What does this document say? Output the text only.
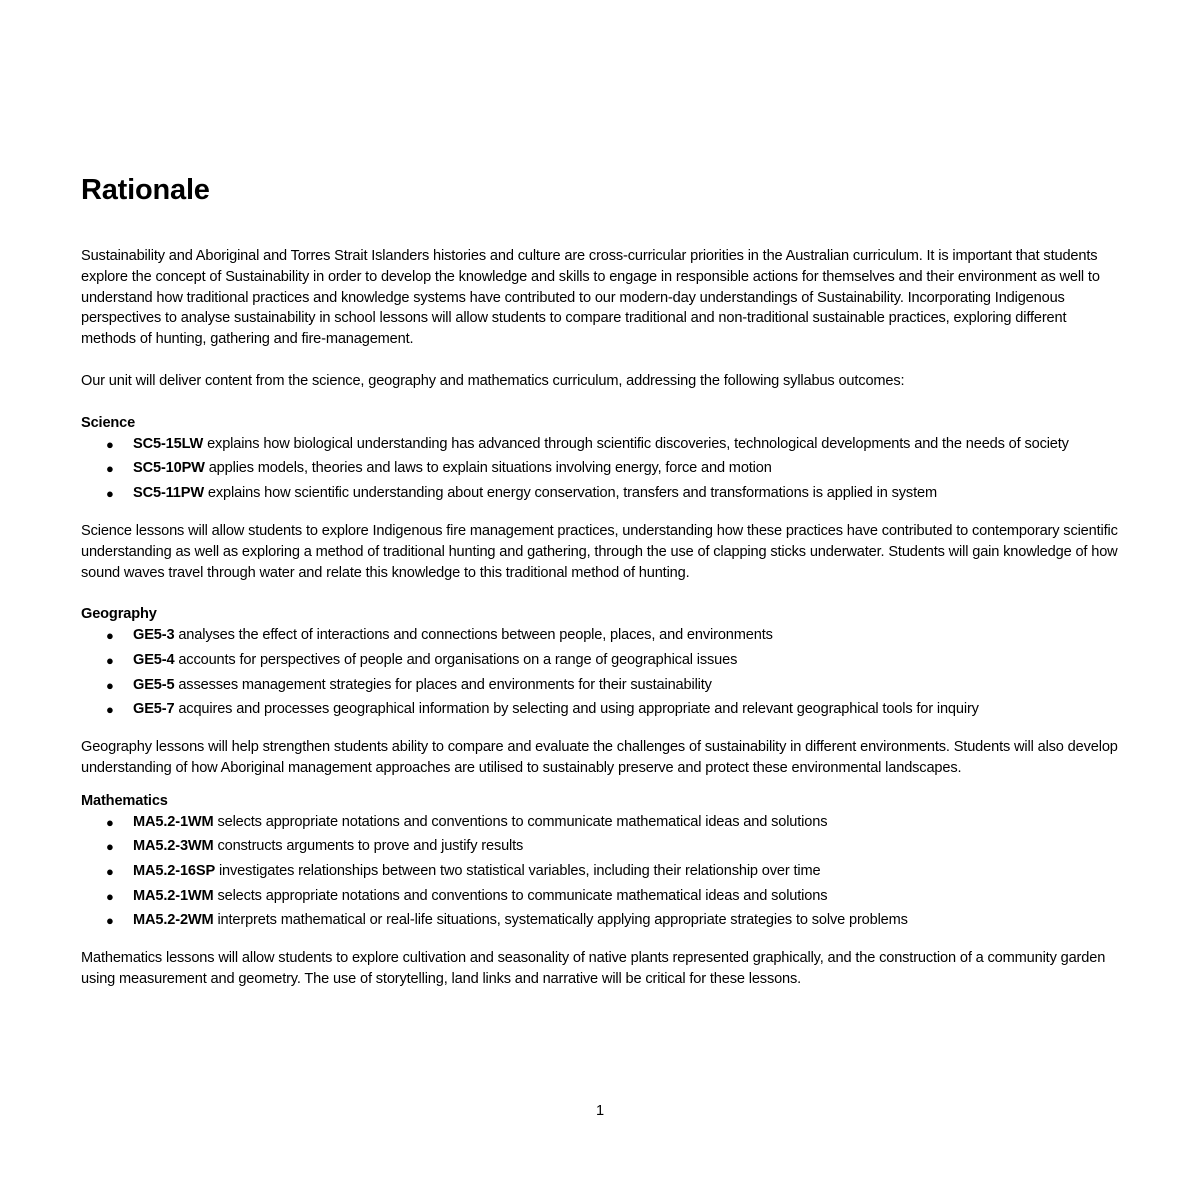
Rationale

Sustainability and Aboriginal and Torres Strait Islanders histories and culture are cross-curricular priorities in the Australian curriculum. It is important that students explore the concept of Sustainability in order to develop the knowledge and skills to engage in responsible actions for themselves and their environment as well to understand how traditional practices and knowledge systems have contributed to our modern-day understandings of Sustainability. Incorporating Indigenous perspectives to analyse sustainability in school lessons will allow students to compare traditional and non-traditional sustainable practices, exploring different methods of hunting, gathering and fire-management.

Our unit will deliver content from the science, geography and mathematics curriculum, addressing the following syllabus outcomes:

Science
● SC5-15LW explains how biological understanding has advanced through scientific discoveries, technological developments and the needs of society
● SC5-10PW applies models, theories and laws to explain situations involving energy, force and motion
● SC5-11PW explains how scientific understanding about energy conservation, transfers and transformations is applied in system

Science lessons will allow students to explore Indigenous fire management practices, understanding how these practices have contributed to contemporary scientific understanding as well as exploring a method of traditional hunting and gathering, through the use of clapping sticks underwater. Students will gain knowledge of how sound waves travel through water and relate this knowledge to this traditional method of hunting.

Geography
● GE5-3 analyses the effect of interactions and connections between people, places, and environments
● GE5-4 accounts for perspectives of people and organisations on a range of geographical issues
● GE5-5 assesses management strategies for places and environments for their sustainability
● GE5-7 acquires and processes geographical information by selecting and using appropriate and relevant geographical tools for inquiry

Geography lessons will help strengthen students ability to compare and evaluate the challenges of sustainability in different environments. Students will also develop understanding of how Aboriginal management approaches are utilised to sustainably preserve and protect these environmental landscapes.

Mathematics
● MA5.2-1WM selects appropriate notations and conventions to communicate mathematical ideas and solutions
● MA5.2-3WM constructs arguments to prove and justify results
● MA5.2-16SP investigates relationships between two statistical variables, including their relationship over time
● MA5.2-1WM selects appropriate notations and conventions to communicate mathematical ideas and solutions
● MA5.2-2WM interprets mathematical or real-life situations, systematically applying appropriate strategies to solve problems

Mathematics lessons will allow students to explore cultivation and seasonality of native plants represented graphically, and the construction of a community garden using measurement and geometry. The use of storytelling, land links and narrative will be critical for these lessons.

1
